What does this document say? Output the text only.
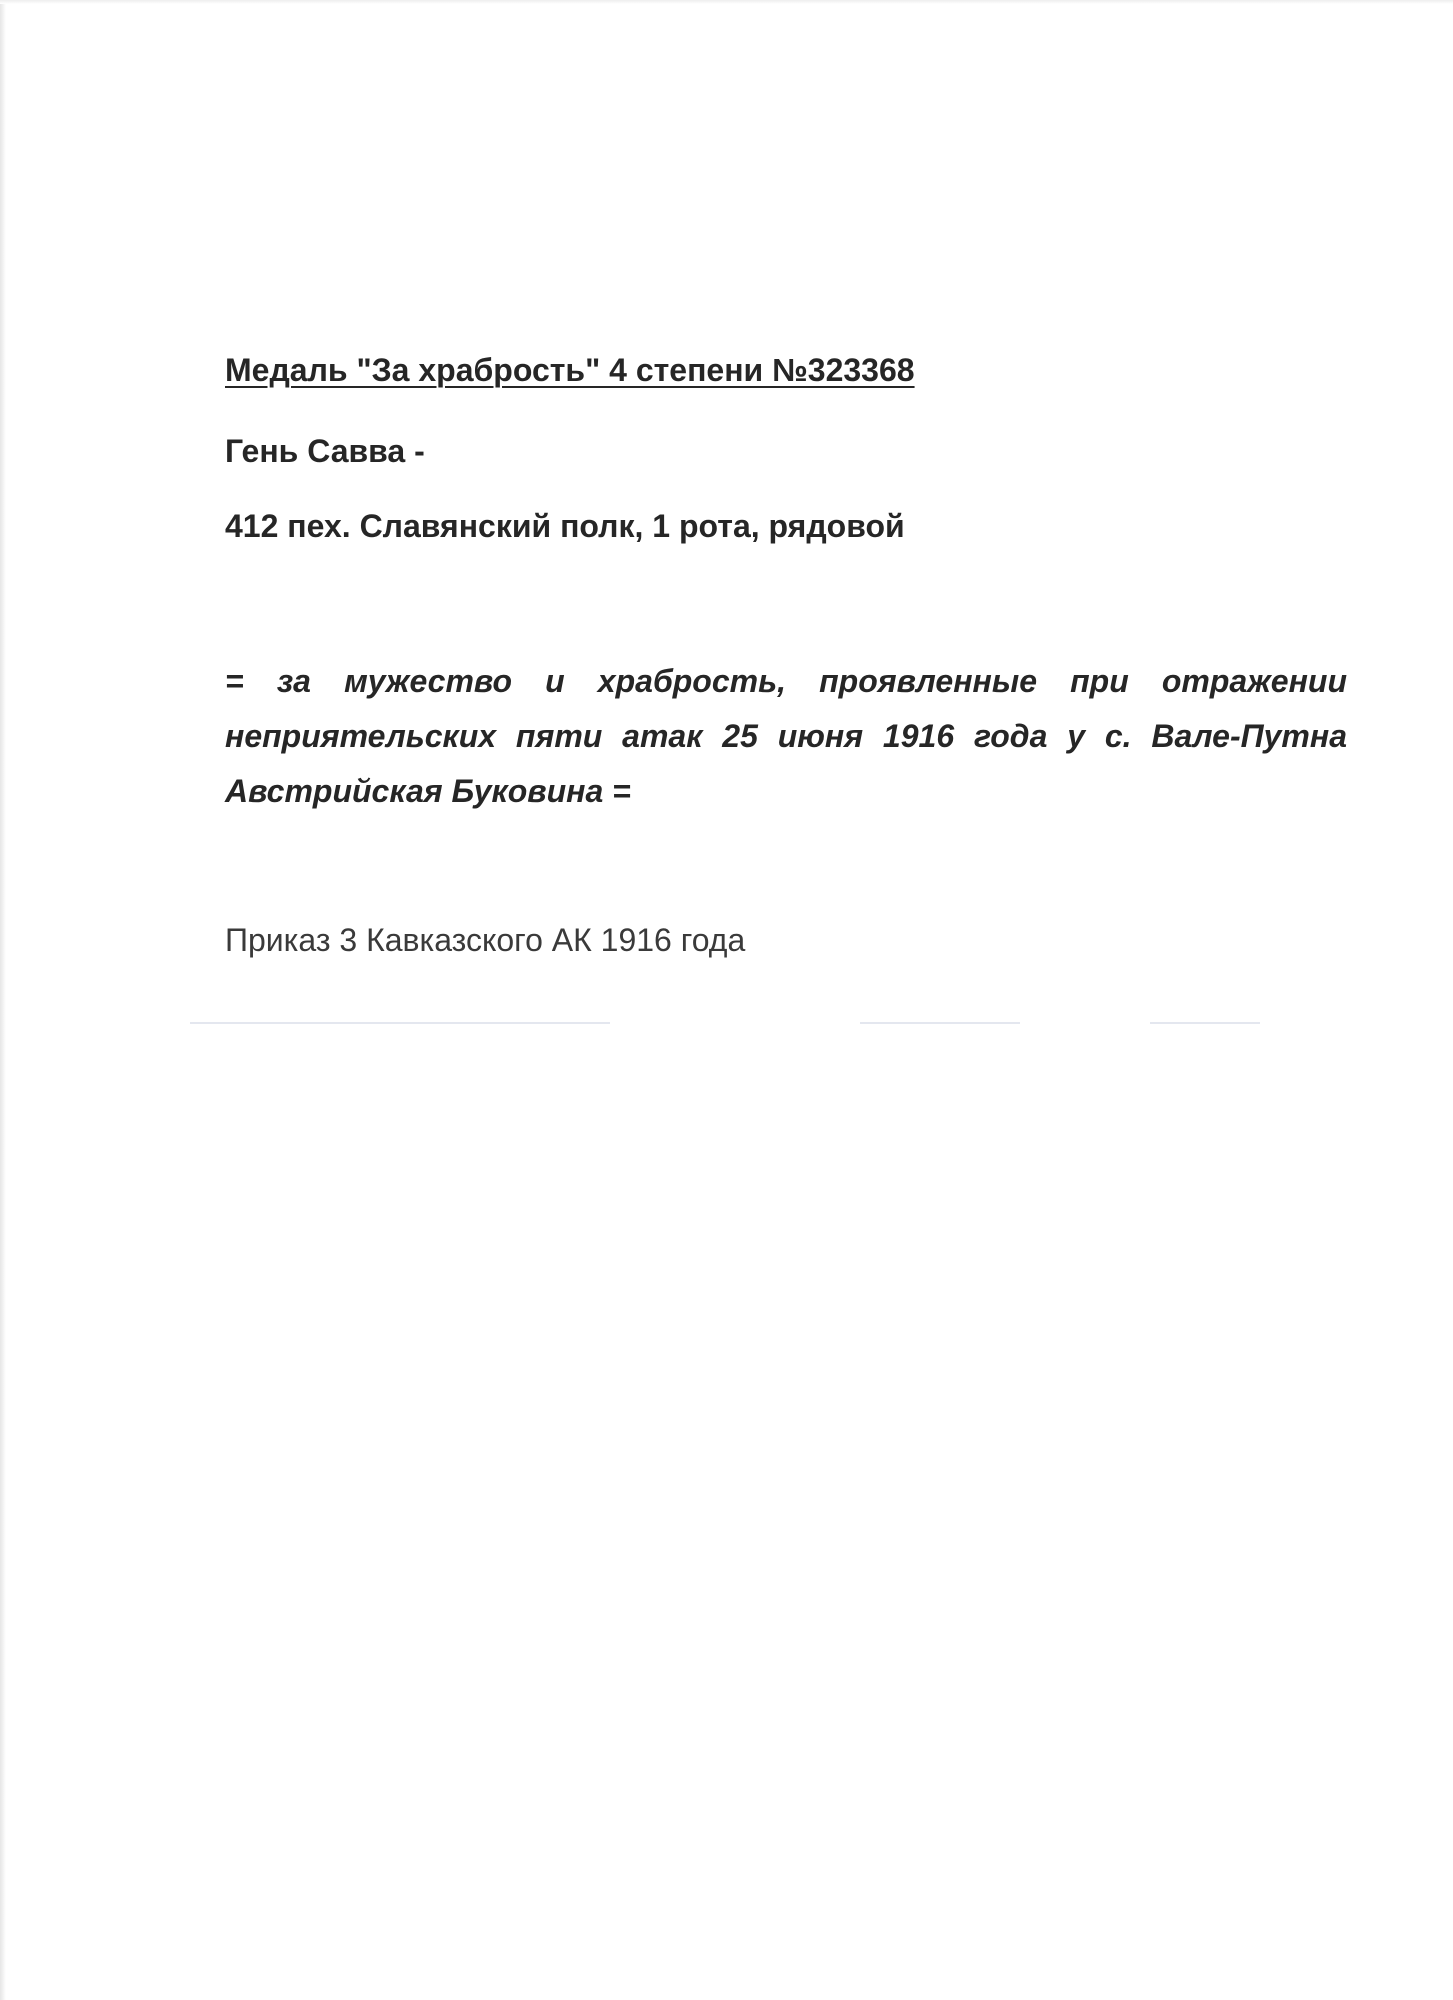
Медаль "За храбрость" 4 степени №323368
Гень Савва -
412 пех. Славянский полк, 1 рота, рядовой
= за мужество и храбрость, проявленные при отражении неприятельских пяти атак 25 июня 1916 года у с. Вале-Путна Австрийская Буковина =
Приказ 3 Кавказского АК 1916 года
